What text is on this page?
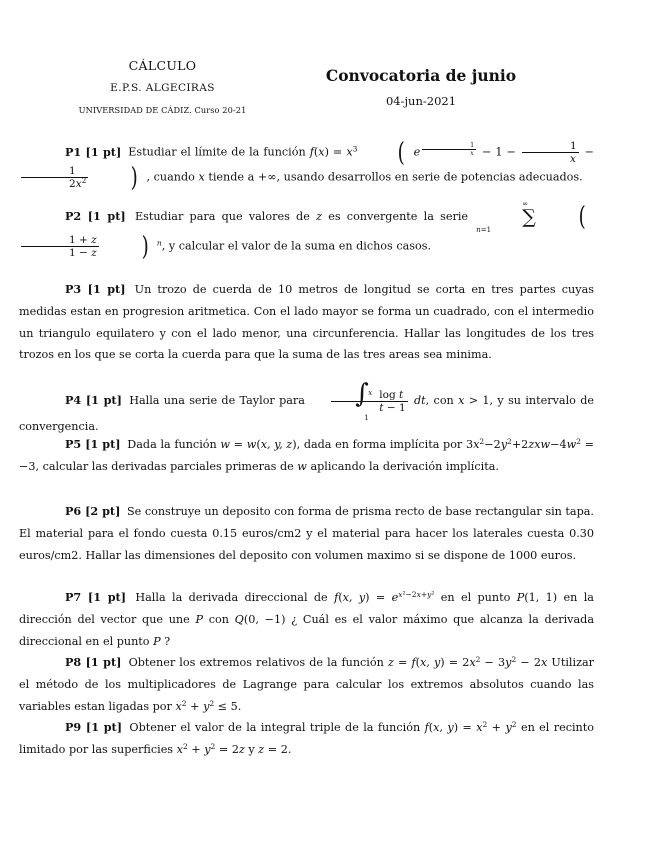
CÁLCULO
E.P.S. ALGECIRAS
UNIVERSIDAD DE CÁDIZ. Curso 20-21
Convocatoria de junio
04-jun-2021

P1 [1 pt] Estudiar el límite de la función $f(x) = x^3$ ( e $^{\frac{1}{x}} - 1 - \frac{1}{x}$ −
$\frac{1}{2x^2}$ ) , cuando x tiende a +∞, usando desarrollos en serie de potencias adecuados.

P2 [1 pt] Estudiar para que valores de z es convergente la serie ∞
∑
n=1	(
$\frac{1 + z}{1 - z}$ ) $^n$, y calcular el valor de la suma en dichos casos.

P3 [1 pt] Un trozo de cuerda de 10 metros de longitud se corta en tres partes cuyas medidas estan en progresion aritmetica. Con el lado mayor se forma un cuadrado, con el intermedio un triangulo equilatero y con el lado menor, una circunferencia. Hallar las longitudes de los tres trozos en los que se corta la cuerda para que la suma de las tres areas sea minima.

P4 [1 pt] Halla una serie de Taylor para	∫ x
1
$\frac{\text{log t}}{t - 1}$ dt, con x > 1, y su intervalo de convergencia.

P5 [1 pt] Dada la función w = w(x, y, z), dada en forma implícita por $3x^2-2y^2+2zxw-4w^2 = -3$, calcular las derivadas parciales primeras de w aplicando la derivación implícita.

P6 [2 pt] Se construye un deposito con forma de prisma recto de base rectangular sin tapa. El material para el fondo cuesta 0.15 euros/cm2 y el material para hacer los laterales cuesta 0.30 euros/cm2. Hallar las dimensiones del deposito con volumen maximo si se dispone de 1000 euros.

P7 [1 pt] Halla la derivada direccional de f(x, $y) = e^{x^2-2x+y^2}$ en el punto P(1, 1) en la dirección del vector que une P con Q(0, −1) ¿ Cuál es el valor máximo que alcanza la derivada direccional en el punto P ?

P8 [1 pt] Obtener los extremos relativos de la función z = f(x, $y) = 2x^2 - 3y^2 - 2x$ Utilizar el método de los multiplicadores de Lagrange para calcular los extremos absolutos cuando las variables estan ligadas por $x^2 + y^2 \le 5$.

P9 [1 pt] Obtener el valor de la integral triple de la función f(x, $y) = x^2 + y^2$ en el recinto limitado por las superficies $x^2 + y^2 = 2z$ y z = 2.
